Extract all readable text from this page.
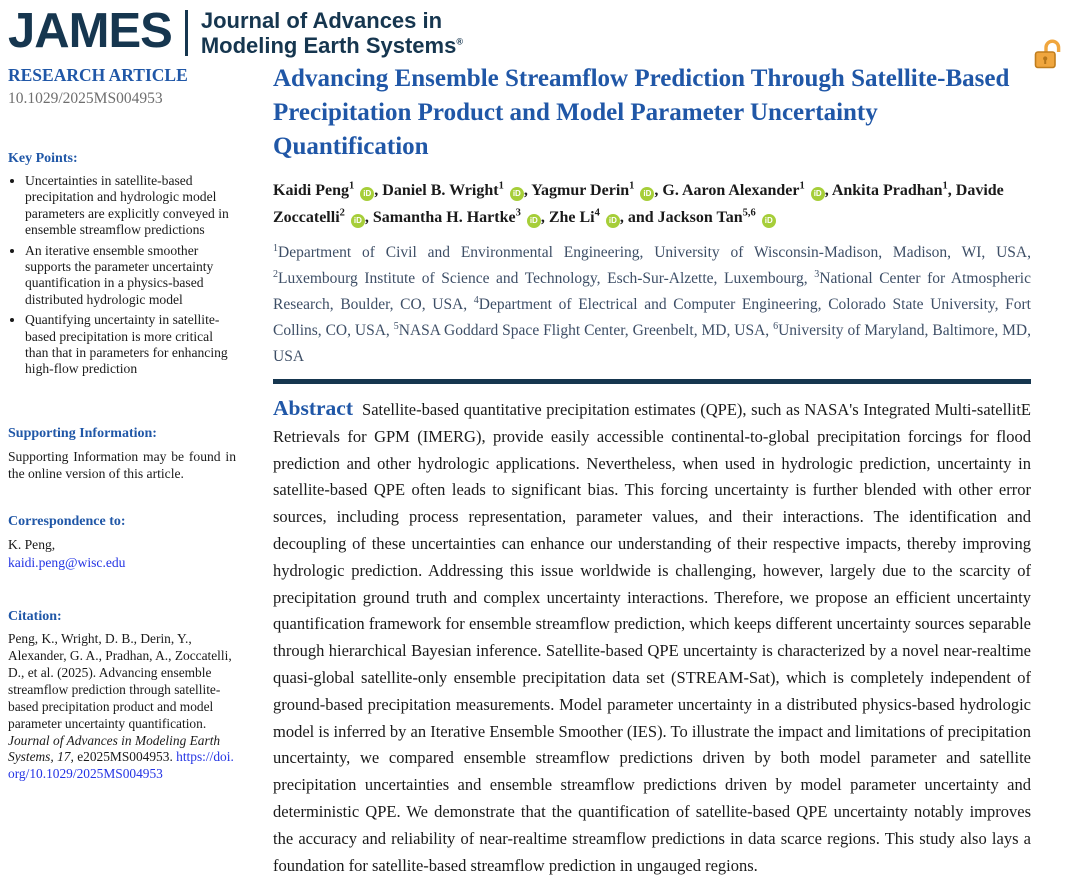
JAMES Journal of Advances in
Modeling Earth Systems®

RESEARCH ARTICLE

10.1029/2025MS004953

Key Points:

• Uncertainties in satellite-based precipitation and hydrologic model parameters are explicitly conveyed in ensemble streamflow predictions
• An iterative ensemble smoother supports the parameter uncertainty quantification in a physics-based distributed hydrologic model
• Quantifying uncertainty in satellite-based precipitation is more critical than that in parameters for enhancing high-flow prediction

Supporting Information:

Supporting Information may be found in the online version of this article.

Correspondence to:

K. Peng,

kaidi.peng@wisc.edu

Citation:

Peng, K., Wright, D. B., Derin, Y., Alexander, G. A., Pradhan, A., Zoccatelli, D., et al. (2025). Advancing ensemble streamflow prediction through satellite-based precipitation product and model parameter uncertainty quantification. Journal of Advances in Modeling Earth Systems, 17, e2025MS004953. https://doi.org/10.1029/2025MS004953

Advancing Ensemble Streamflow Prediction Through Satellite-Based Precipitation Product and Model Parameter Uncertainty Quantification

Kaidi Peng$^1$ iD , Daniel B. Wright$^1$ iD , Yagmur Derin$^1$ iD , G. Aaron Alexander$^1$ iD , Ankita Pradhan$^1$, Davide Zoccatelli$^2$ iD , Samantha H. Hartke$^3$ iD , Zhe Li$^4$ iD , and Jackson Tan$^{5,6}$ iD

$^1$Department of Civil and Environmental Engineering, University of Wisconsin-Madison, Madison, WI, USA, $^2$Luxembourg Institute of Science and Technology, Esch-Sur-Alzette, Luxembourg, $^3$National Center for Atmospheric Research, Boulder, CO, USA, $^4$Department of Electrical and Computer Engineering, Colorado State University, Fort Collins, CO, USA, $^5$NASA Goddard Space Flight Center, Greenbelt, MD, USA, $^6$University of Maryland, Baltimore, MD, USA

Abstract Satellite-based quantitative precipitation estimates (QPE), such as NASA's Integrated Multi-satellitE Retrievals for GPM (IMERG), provide easily accessible continental-to-global precipitation forcings for flood prediction and other hydrologic applications. Nevertheless, when used in hydrologic prediction, uncertainty in satellite-based QPE often leads to significant bias. This forcing uncertainty is further blended with other error sources, including process representation, parameter values, and their interactions. The identification and decoupling of these uncertainties can enhance our understanding of their respective impacts, thereby improving hydrologic prediction. Addressing this issue worldwide is challenging, however, largely due to the scarcity of precipitation ground truth and complex uncertainty interactions. Therefore, we propose an efficient uncertainty quantification framework for ensemble streamflow prediction, which keeps different uncertainty sources separable through hierarchical Bayesian inference. Satellite-based QPE uncertainty is characterized by a novel near-realtime quasi-global satellite-only ensemble precipitation data set (STREAM-Sat), which is completely independent of ground-based precipitation measurements. Model parameter uncertainty in a distributed physics-based hydrologic model is inferred by an Iterative Ensemble Smoother (IES). To illustrate the impact and limitations of precipitation uncertainty, we compared ensemble streamflow predictions driven by both model parameter and satellite precipitation uncertainties and ensemble streamflow predictions driven by model parameter uncertainty and deterministic QPE. We demonstrate that the quantification of satellite-based QPE uncertainty notably improves the accuracy and reliability of near-realtime streamflow predictions in data scarce regions. This study also lays a foundation for satellite-based streamflow prediction in ungauged regions.
